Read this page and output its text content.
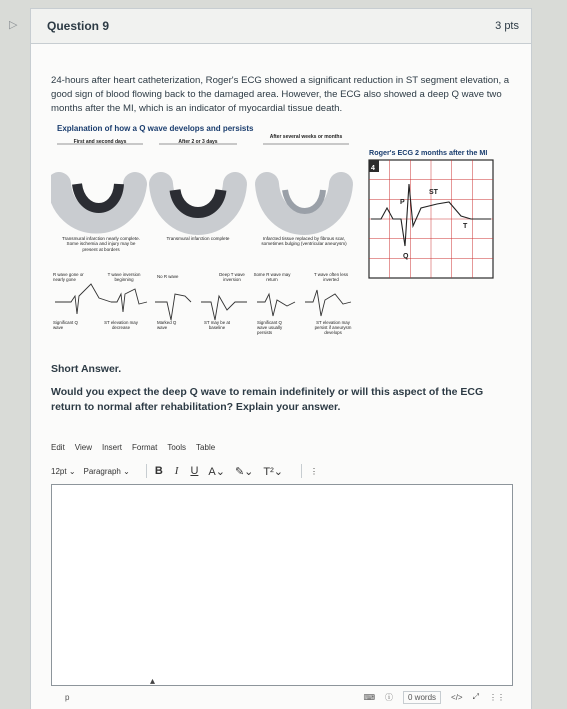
▷ Question 9	3 pts

24-hours after heart catheterization, Roger's ECG showed a significant reduction in ST segment elevation, a good sign of blood flowing back to the damaged area. However, the ECG also showed a deep Q wave two months after the MI, which is an indicator of myocardial tissue death.

Explanation of how a Q wave develops and persists
First and second days	After 2 or 3 days
After several weeks or months
Transmural infarction nearly complete. Some ischemia and injury may be present at borders
Transmural infarction complete	Infarcted tissue replaced by fibrous scar, sometimes bulging (ventricular aneurysm)
R wave gone or nearly gone
T wave inversion beginning
No R wave	Deep T wave inversion
Some R wave may return
T wave often less inverted
Significant Q wave
ST elevation may decrease
Marked Q wave
ST may be at baseline
Significant Q wave usually persists
ST elevation may persist if aneurysm develops
4
P
ST
T
Q
Roger's ECG 2 months after the MI
Short Answer.
Would you expect the deep Q wave to remain indefinitely or will this aspect of the ECG return to normal after rehabilitation? Explain your answer.
Edit View Insert Format Tools Table
12pt ⌄ Paragraph ⌄ B I U A⌄ ✎⌄ T²⌄	⋮
p	⌨ ⓘ	0 words	</> ⤢ ⋮⋮
▴
